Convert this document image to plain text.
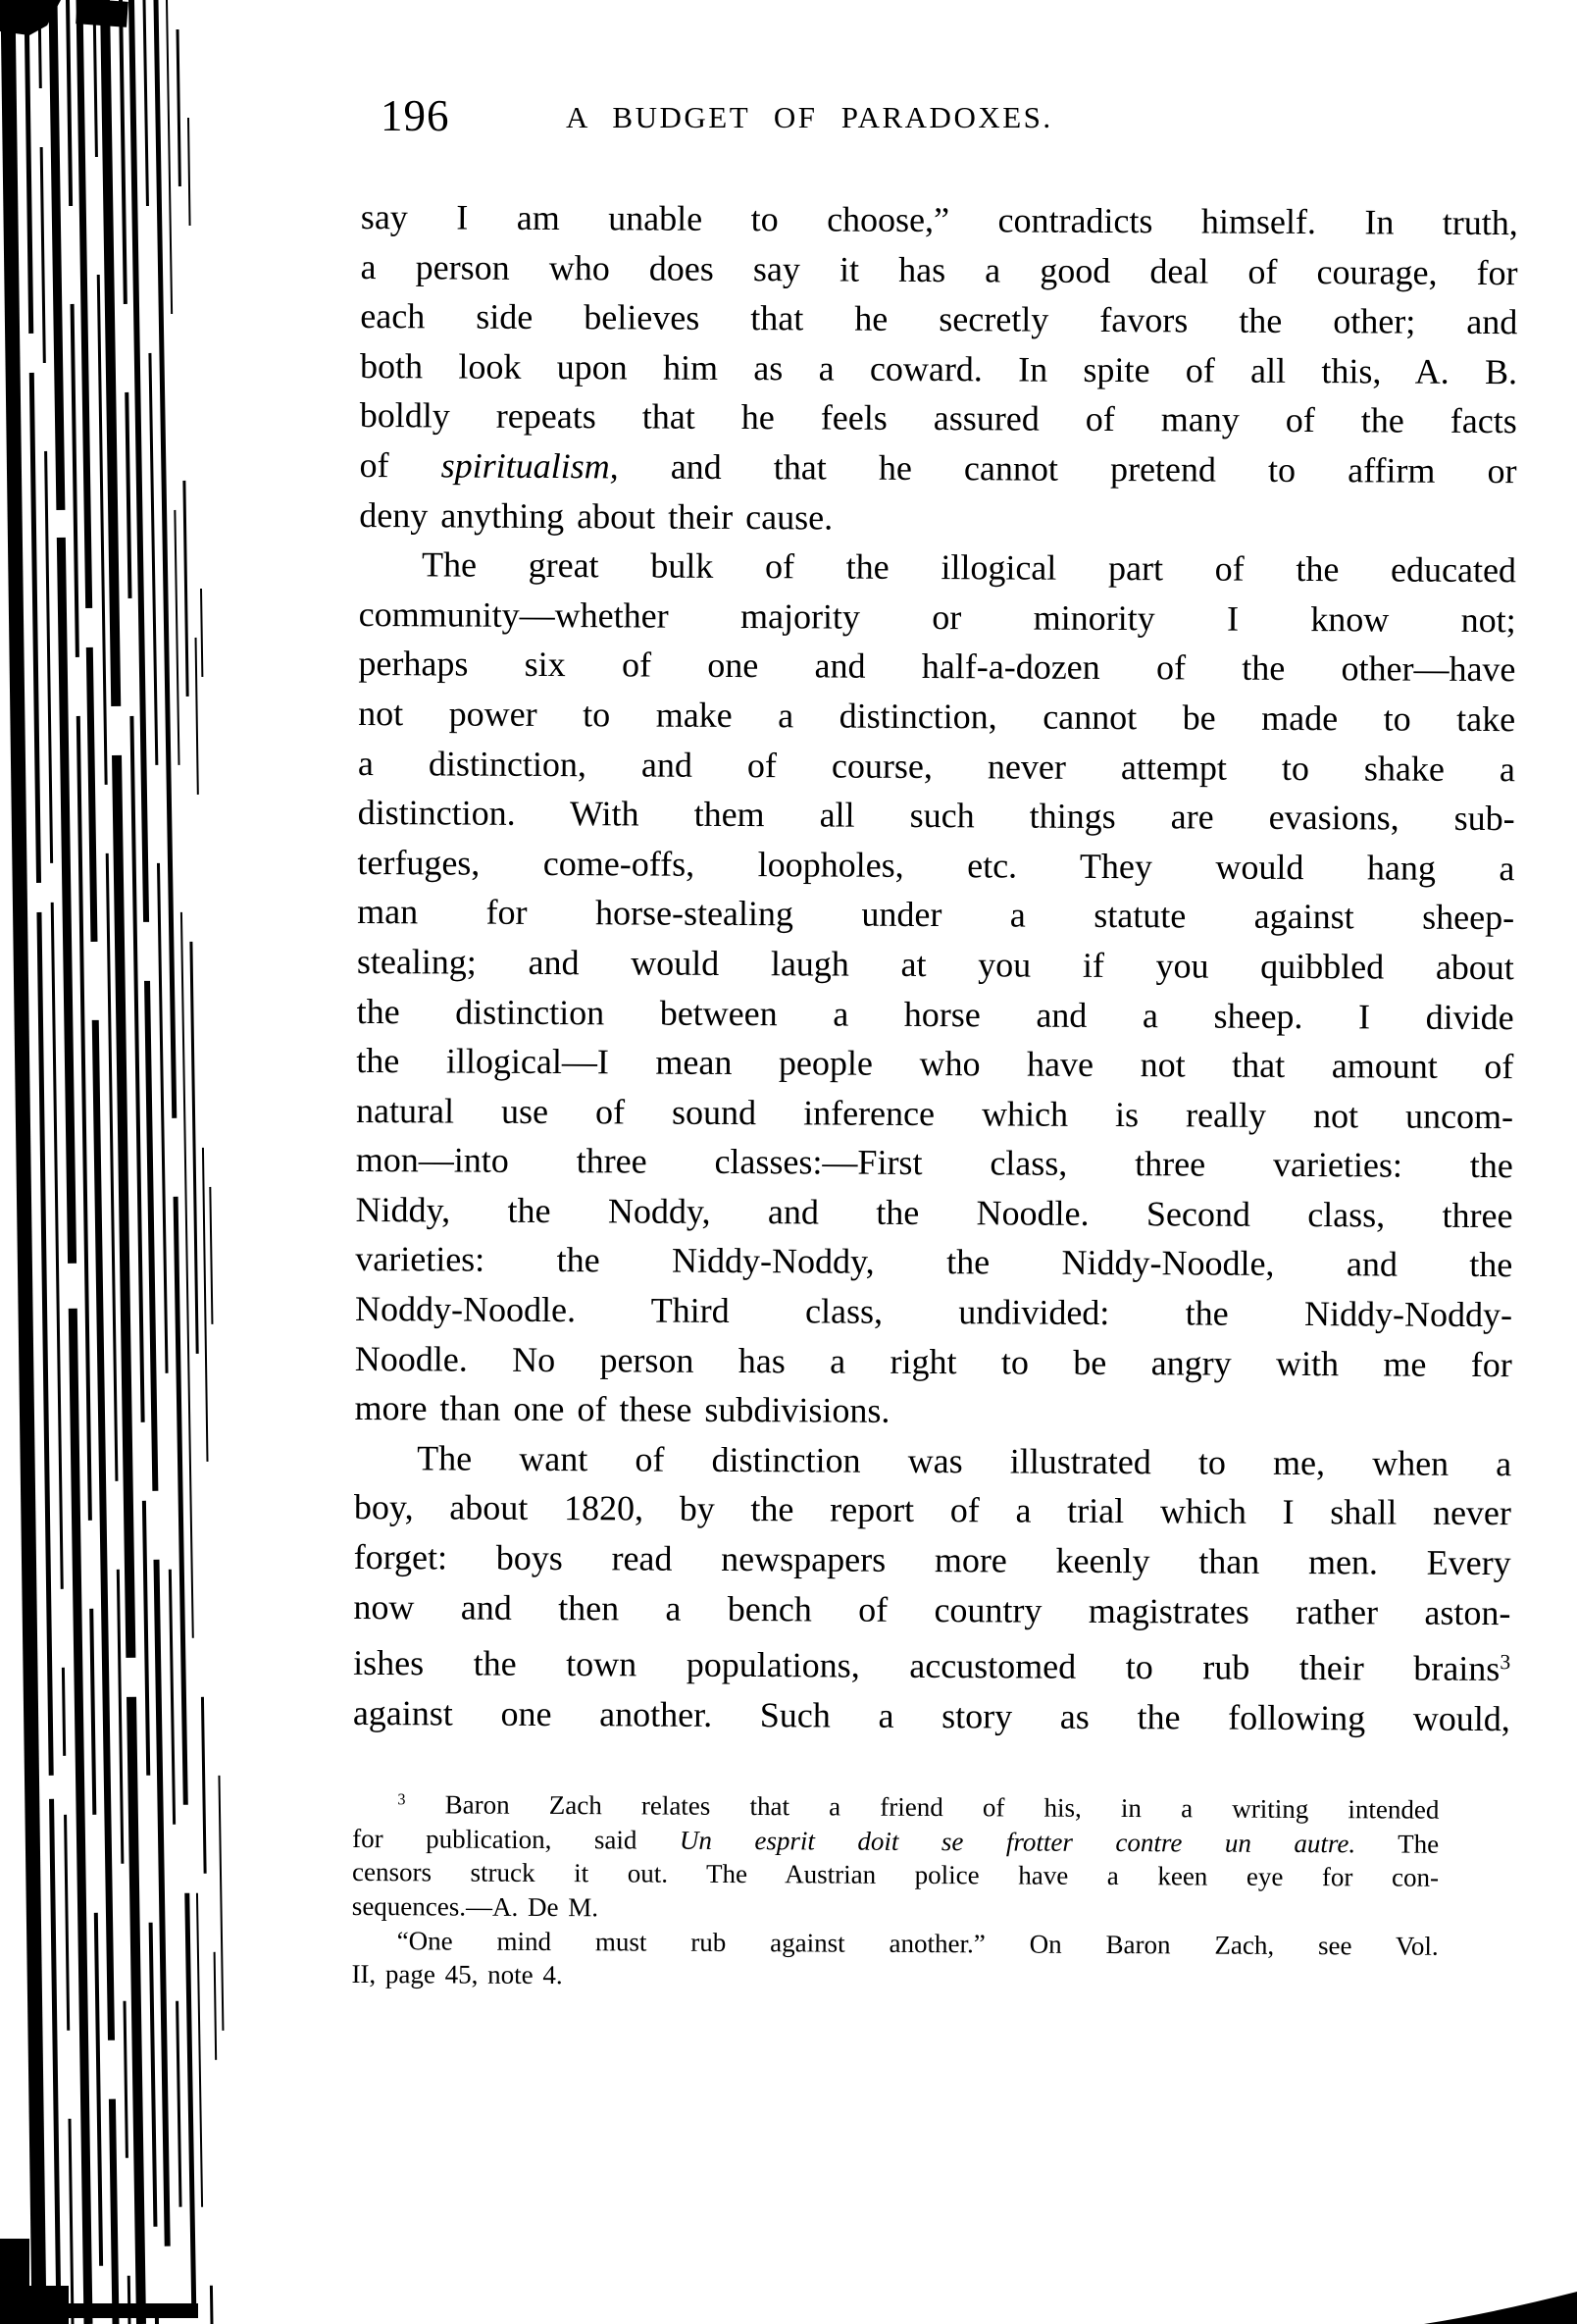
196	A BUDGET OF PARADOXES.
say I am unable to choose,” contradicts himself. In truth,
a person who does say it has a good deal of courage, for
each side believes that he secretly favors the other; and
both look upon him as a coward. In spite of all this, A. B.
boldly repeats that he feels assured of many of the facts
of spiritualism, and that he cannot pretend to affirm or
deny anything about their cause.
The great bulk of the illogical part of the educated
community—whether majority or minority I know not;
perhaps six of one and half-a-dozen of the other—have
not power to make a distinction, cannot be made to take
a distinction, and of course, never attempt to shake a
distinction. With them all such things are evasions, sub-
terfuges, come-offs, loopholes, etc. They would hang a
man for horse-stealing under a statute against sheep-
stealing; and would laugh at you if you quibbled about
the distinction between a horse and a sheep. I divide
the illogical—I mean people who have not that amount of
natural use of sound inference which is really not uncom-
mon—into three classes:—First class, three varieties: the
Niddy, the Noddy, and the Noodle. Second class, three
varieties: the Niddy-Noddy, the Niddy-Noodle, and the
Noddy-Noodle. Third class, undivided: the Niddy-Noddy-
Noodle. No person has a right to be angry with me for
more than one of these subdivisions.
The want of distinction was illustrated to me, when a
boy, about 1820, by the report of a trial which I shall never
forget: boys read newspapers more keenly than men. Every
now and then a bench of country magistrates rather aston-
ishes the town populations, accustomed to rub their brains$^3$
against one another. Such a story as the following would,
$^3$ Baron Zach relates that a friend of his, in a writing intended
for publication, said Un esprit doit se frotter contre un autre. The
censors struck it out. The Austrian police have a keen eye for con-
sequences.—A. De M.
“One mind must rub against another.” On Baron Zach, see Vol.
II, page 45, note 4.
